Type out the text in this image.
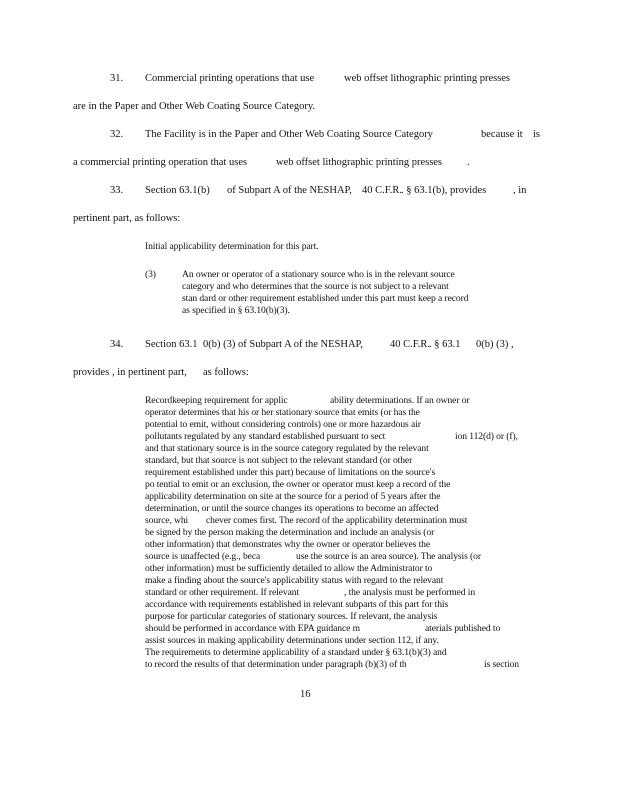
31. Commercial printing operations that use	web offset lithographic printing presses
are in the Paper and Other Web Coating Source Category.
32. The Facility is in the Paper and Other Web Coating Source Category	because it is
a commercial printing operation that uses	web offset lithographic printing presses .
33. Section 63.1(b) of Subpart A of the NESHAP, 40 C.F.R.
. § 63.1(b), provides	, in
pertinent part, as follows:
Initial applicability determination for this part.
(3)	An owner or operator of a stationary source who is in the relevant source
category and who determines that the source is not subject to a relevant
stan dard or other requirement established under this part must keep a record
as specified in § 63.10(b)(3).
34. Section 63.1 0(b) (3) of Subpart A of the NESHAP,	40 C.F.R.
. § 63.1 0(b) (3) ,
provides , in pertinent part, as follows:
Recordkeeping requirement for applic	ability determinations. If an owner or
operator determines that his or her stationary source that emits (or has the
potential to emit, without considering controls) one or more hazardous air
pollutants regulated by any standard established pursuant to sect	ion 112(d) or (f),
and that stationary source is in the source category regulated by the relevant
standard, but that source is not subject to the relevant standard (or other
requirement established under this part) because of limitations on the source's
po tential to emit or an exclusion, the owner or operator must keep a record of the
applicability determination on site at the source for a period of 5 years after the
determination, or until the source changes its operations to become an affected
source, whi chever comes first. The record of the applicability determination must
be signed by the person making the determination and include an analysis (or
other information) that demonstrates why the owner or operator believes the
source is unaffected (e.g., beca	use the source is an area source). The analysis (or
other information) must be sufficiently detailed to allow the Administrator to
make a finding about the source's applicability status with regard to the relevant
standard or other requirement. If relevant	, the analysis must be performed in
accordance with requirements established in relevant subparts of this part for this
purpose for particular categories of stationary sources. If relevant, the analysis
should be performed in accordance with EPA guidance m	aterials published to
assist sources in making applicability determinations under section 112, if any.
The requirements to determine applicability of a standard under § 63.1(b)(3) and
to record the results of that determination under paragraph (b)(3) of th	is section
16
